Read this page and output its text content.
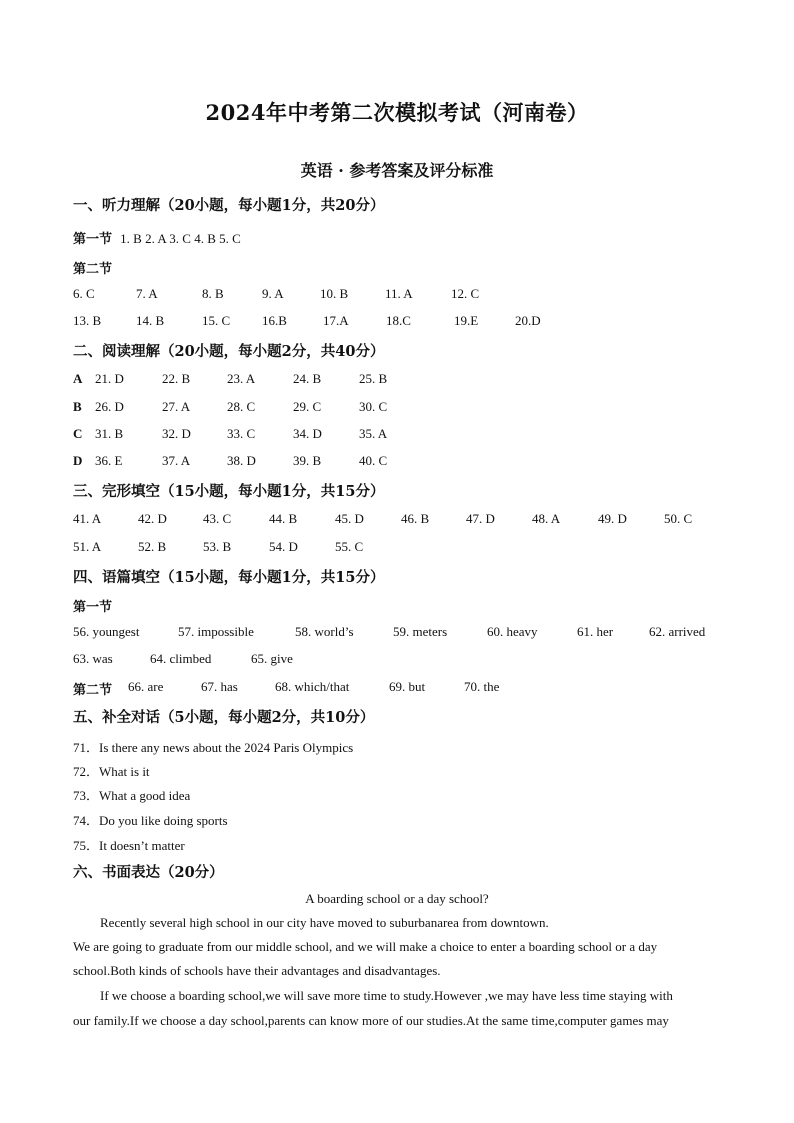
2024年中考第二次模拟考试（河南卷）
英语 · 参考答案及评分标准
一、听力理解（20小题，每小题1分，共20分）
第一节 1. B 2. A 3. C 4. B 5. C
第二节
6. C	7. A	8. B	9. A	10. B	11. A	12. C
13. B	14. B	15. C 16.B	17.A	18.C	19.E	20.D
二、阅读理解（20小题，每小题2分，共40分）
A 21. D	22. B	23. A	24. B	25. B
B 26. D	27. A	28. C	29. C	30. C
C 31. B	32. D	33. C	34. D	35. A
D 36. E	37. A	38. D	39. B	40. C
三、完形填空（15小题，每小题1分，共15分）
41. A	42. D	43. C	44. B	45. D	46. B	47. D	48. A	49. D	50. C
51. A	52. B	53. B	54. D	55. C
四、语篇填空（15小题，每小题1分，共15分）
第一节
56. youngest	57. impossible	58. world’s	59. meters	60. heavy	61. her	62. arrived
63. was	64. climbed	65. give
第二节 66. are	67. has	68. which/that	69. but	70. the
五、补全对话（5小题，每小题2分，共10分）
71．Is there any news about the 2024 Paris Olympics
72．What is it
73．What a good idea
74．Do you like doing sports
75．It doesn’t matter
六、书面表达（20分）
A boarding school or a day school?
Recently several high school in our city have moved to suburbanarea from downtown.
We are going to graduate from our middle school, and we will make a choice to enter a boarding school or a day
school.Both kinds of schools have their advantages and disadvantages.
If we choose a boarding school,we will save more time to study.However ,we may have less time staying with
our family.If we choose a day school,parents can know more of our studies.At the same time,computer games may
